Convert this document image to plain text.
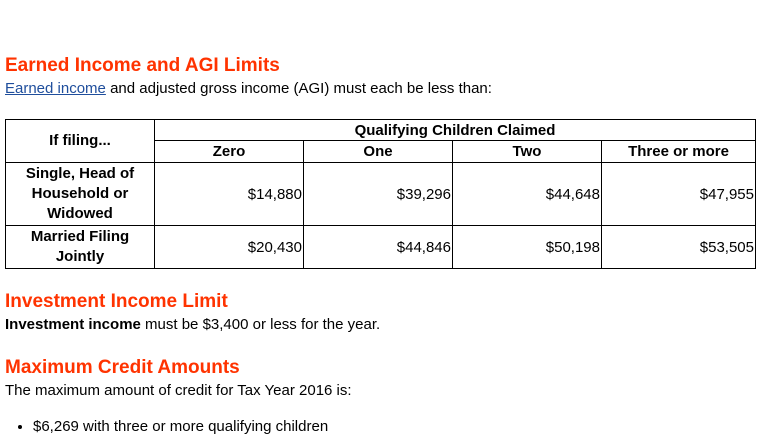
Earned Income and AGI Limits

Earned income and adjusted gross income (AGI) must each be less than:

If filing...	Qualifying Children Claimed			
	Zero	One	Two	Three or more
Single, Head of Household or Widowed	$14,880	$39,296	$44,648	$47,955
Married Filing Jointly	$20,430	$44,846	$50,198	$53,505
Investment Income Limit

Investment income must be $3,400 or less for the year.

Maximum Credit Amounts

The maximum amount of credit for Tax Year 2016 is:

• $6,269 with three or more qualifying children
